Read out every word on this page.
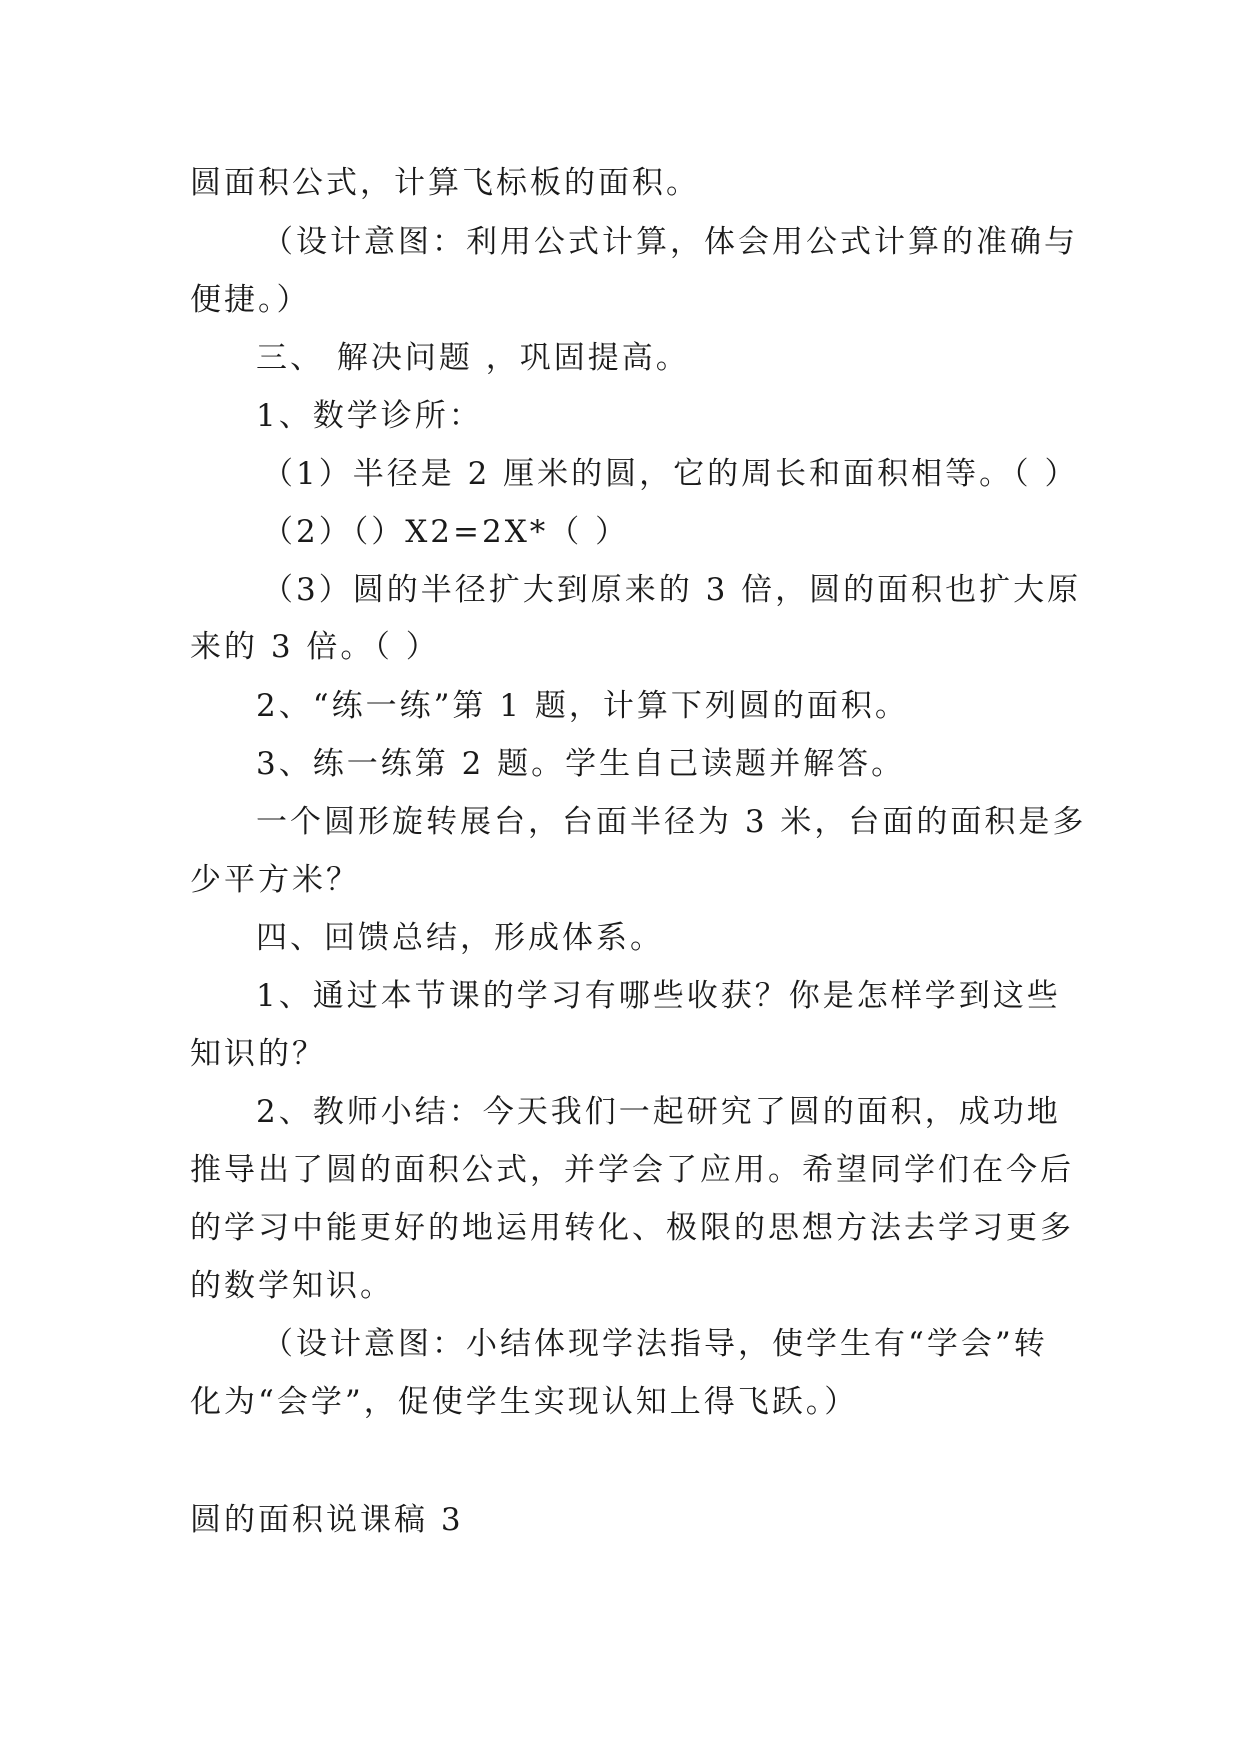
圆面积公式，计算飞标板的面积。
（设计意图：利用公式计算，体会用公式计算的准确与
便捷。）
三、 解决问题 ，巩固提高。
1、数学诊所：
（1）半径是 2 厘米的圆，它的周长和面积相等。（ ）
（2）（）X2=2X*（ ）
（3）圆的半径扩大到原来的 3 倍，圆的面积也扩大原
来的 3 倍。（ ）
2、“练一练”第 1 题，计算下列圆的面积。
3、练一练第 2 题。学生自己读题并解答。
一个圆形旋转展台，台面半径为 3 米，台面的面积是多
少平方米？
四、回馈总结，形成体系。
1、通过本节课的学习有哪些收获？你是怎样学到这些
知识的？
2、教师小结：今天我们一起研究了圆的面积，成功地
推导出了圆的面积公式，并学会了应用。希望同学们在今后
的学习中能更好的地运用转化、极限的思想方法去学习更多
的数学知识。
（设计意图：小结体现学法指导，使学生有“学会”转
化为“会学”，促使学生实现认知上得飞跃。）
圆的面积说课稿 3
